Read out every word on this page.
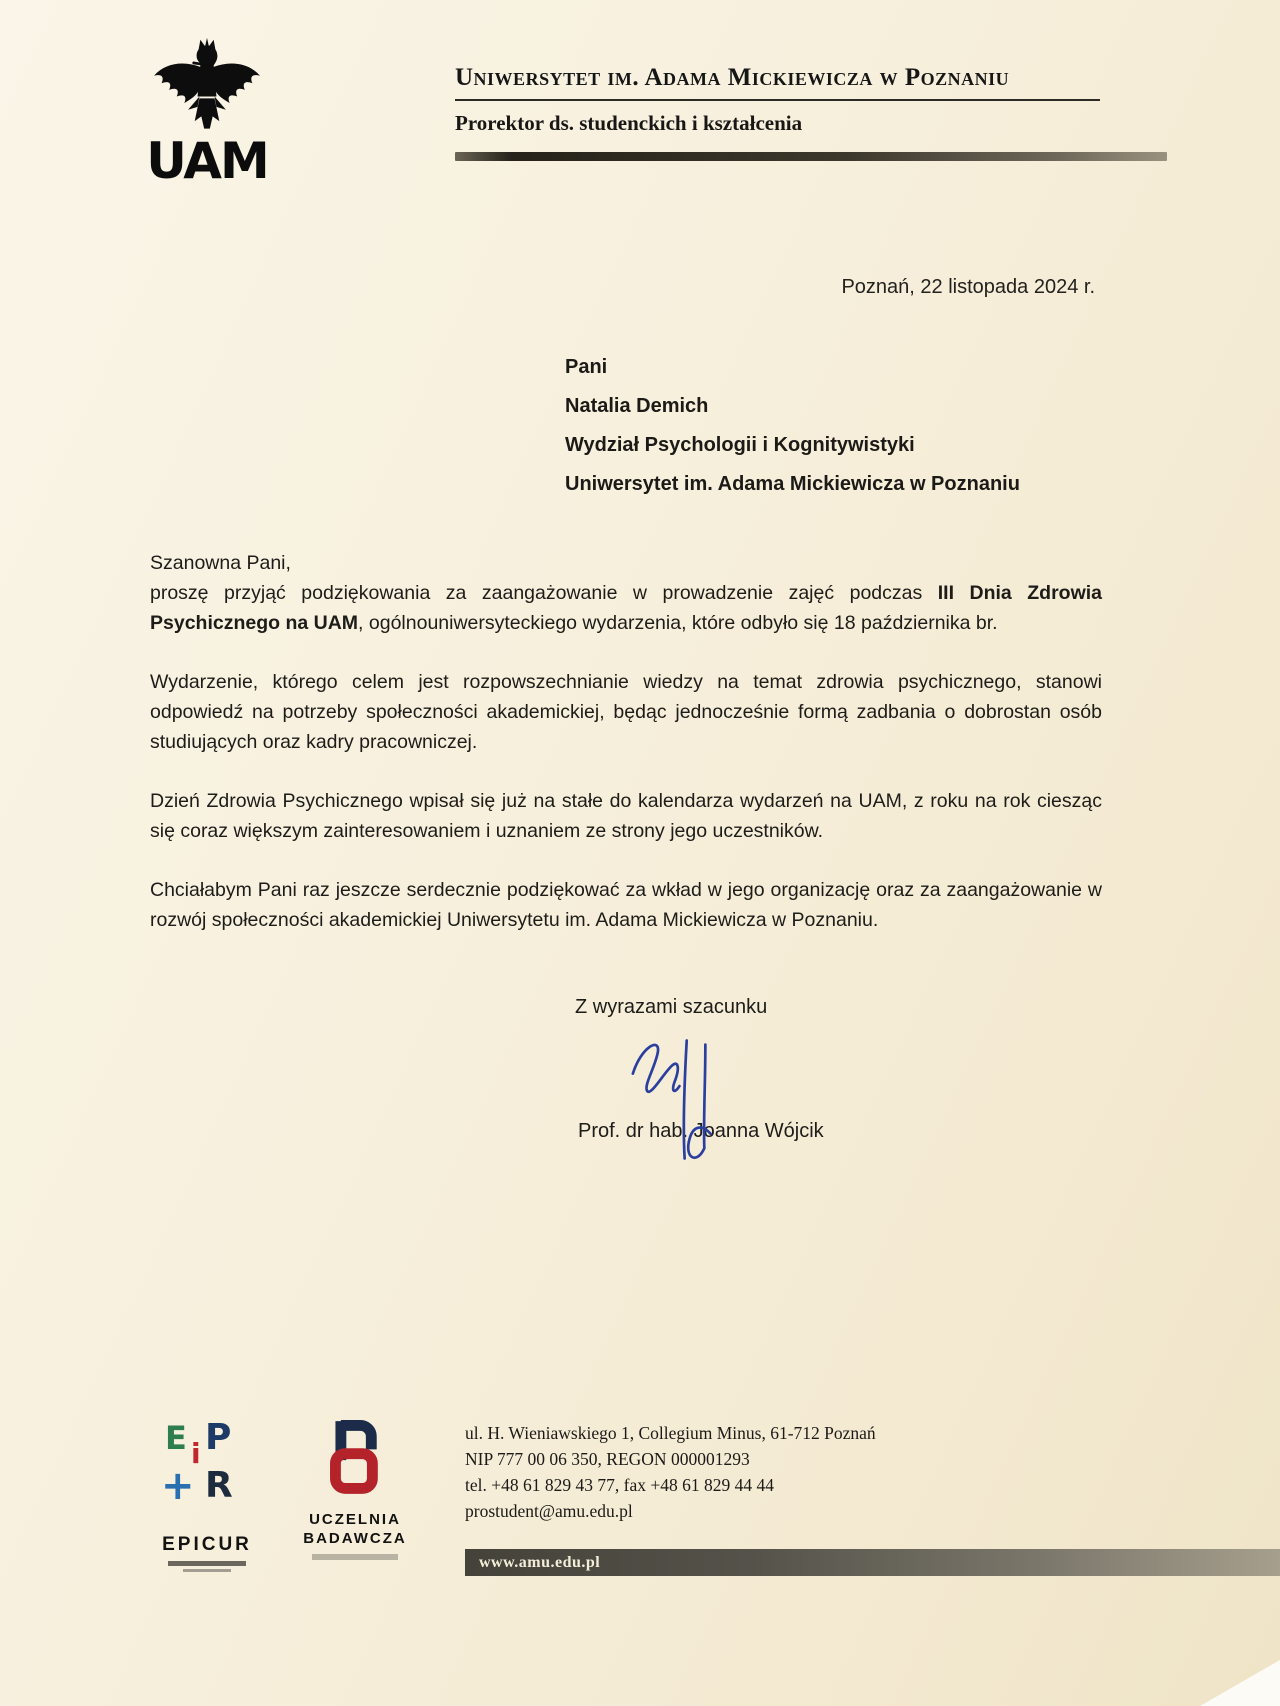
UAM
Uniwersytet im. Adama Mickiewicza w Poznaniu
Prorektor ds. studenckich i kształcenia
Poznań, 22 listopada 2024 r.
Pani
Natalia Demich
Wydział Psychologii i Kognitywistyki
Uniwersytet im. Adama Mickiewicza w Poznaniu

Szanowna Pani,
proszę przyjąć podziękowania za zaangażowanie w prowadzenie zajęć podczas III Dnia Zdrowia Psychicznego na UAM, ogólnouniwersyteckiego wydarzenia, które odbyło się 18 października br.

Wydarzenie, którego celem jest rozpowszechnianie wiedzy na temat zdrowia psychicznego, stanowi odpowiedź na potrzeby społeczności akademickiej, będąc jednocześnie formą zadbania o dobrostan osób studiujących oraz kadry pracowniczej.

Dzień Zdrowia Psychicznego wpisał się już na stałe do kalendarza wydarzeń na UAM, z roku na rok ciesząc się coraz większym zainteresowaniem i uznaniem ze strony jego uczestników.

Chciałabym Pani raz jeszcze serdecznie podziękować za wkład w jego organizację oraz za zaangażowanie w rozwój społeczności akademickiej Uniwersytetu im. Adama Mickiewicza w Poznaniu.

Z wyrazami szacunku
Prof. dr hab. Joanna Wójcik
E P
i
+ R
EPICUR
UCZELNIA
BADAWCZA
ul. H. Wieniawskiego 1, Collegium Minus, 61-712 Poznań
NIP 777 00 06 350, REGON 000001293
tel. +48 61 829 43 77, fax +48 61 829 44 44
prostudent@amu.edu.pl
www.amu.edu.pl
